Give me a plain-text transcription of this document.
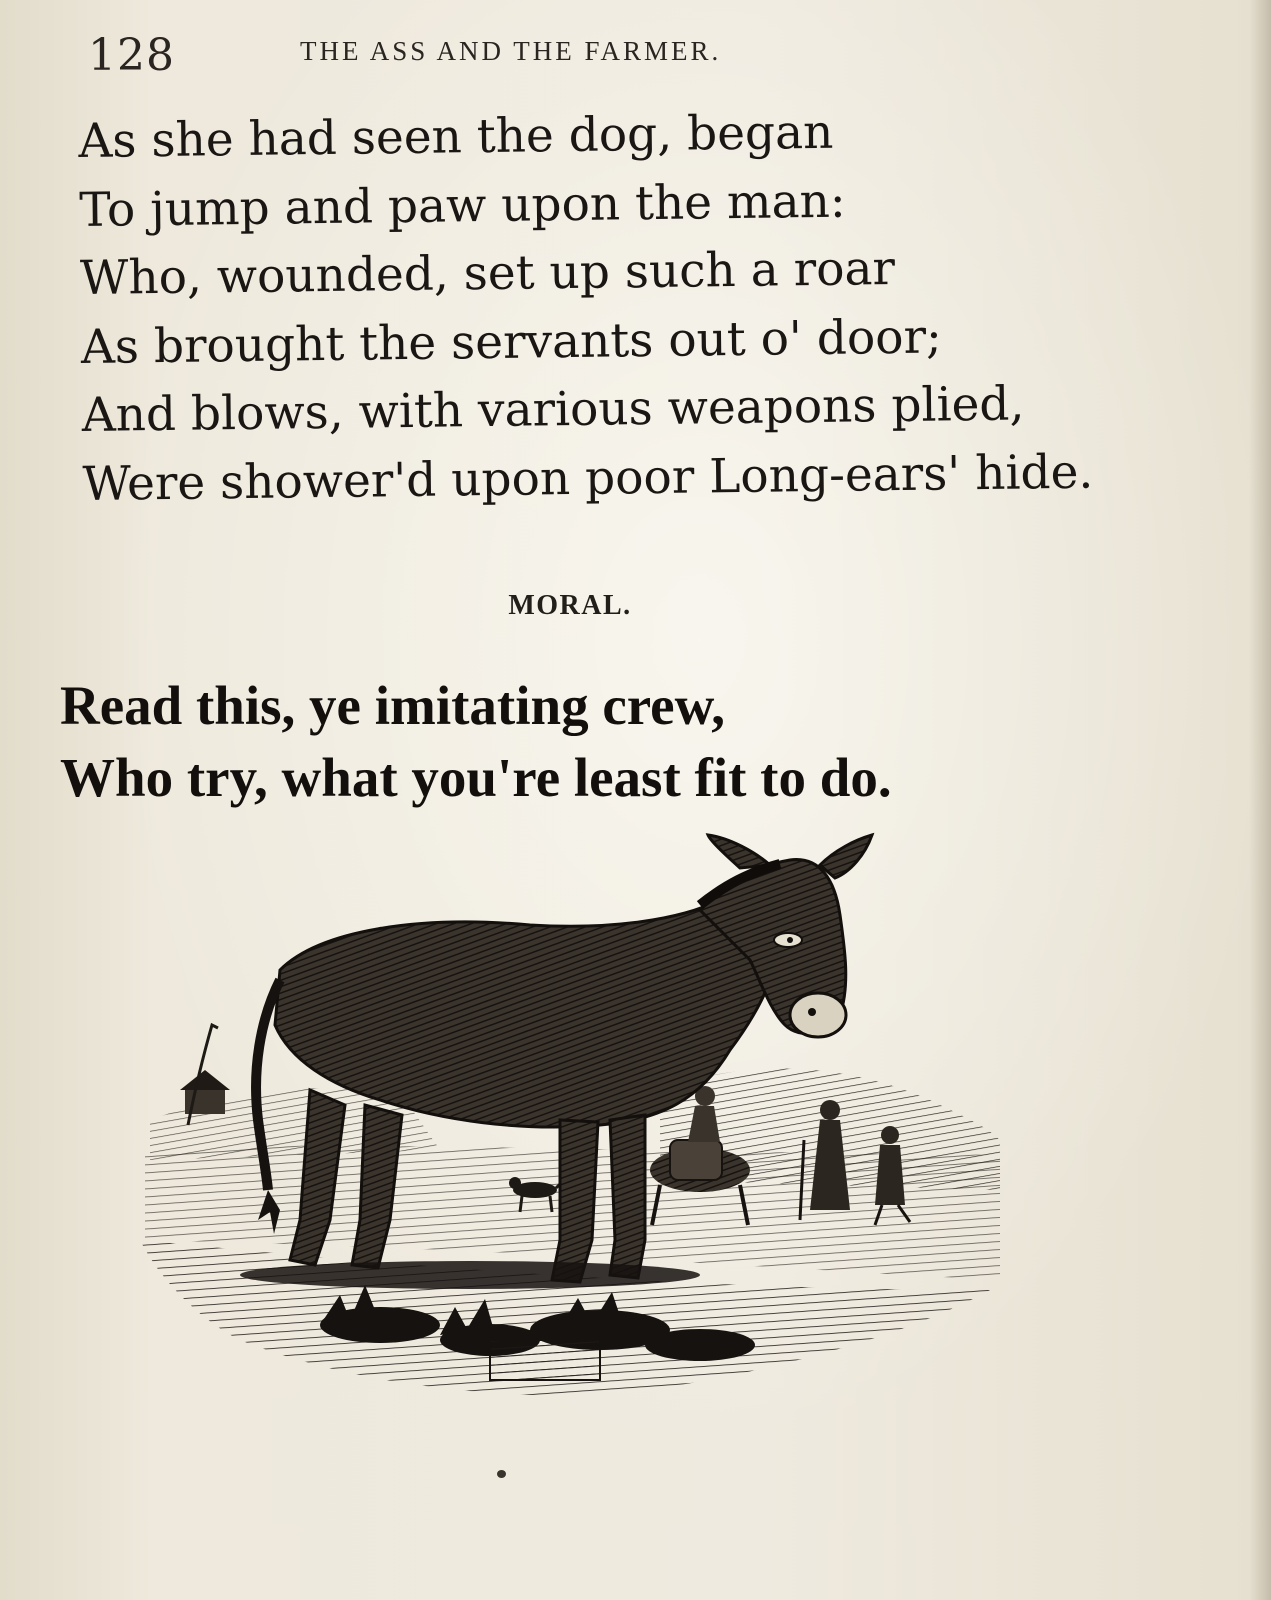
128	THE ASS AND THE FARMER.
As she had seen the dog, began
To jump and paw upon the man:
Who, wounded, set up such a roar
As brought the servants out o' door;
And blows, with various weapons plied,
Were shower'd upon poor Long-ears' hide.
MORAL.
Read this, ye imitating crew,
Who try, what you're least fit to do.
